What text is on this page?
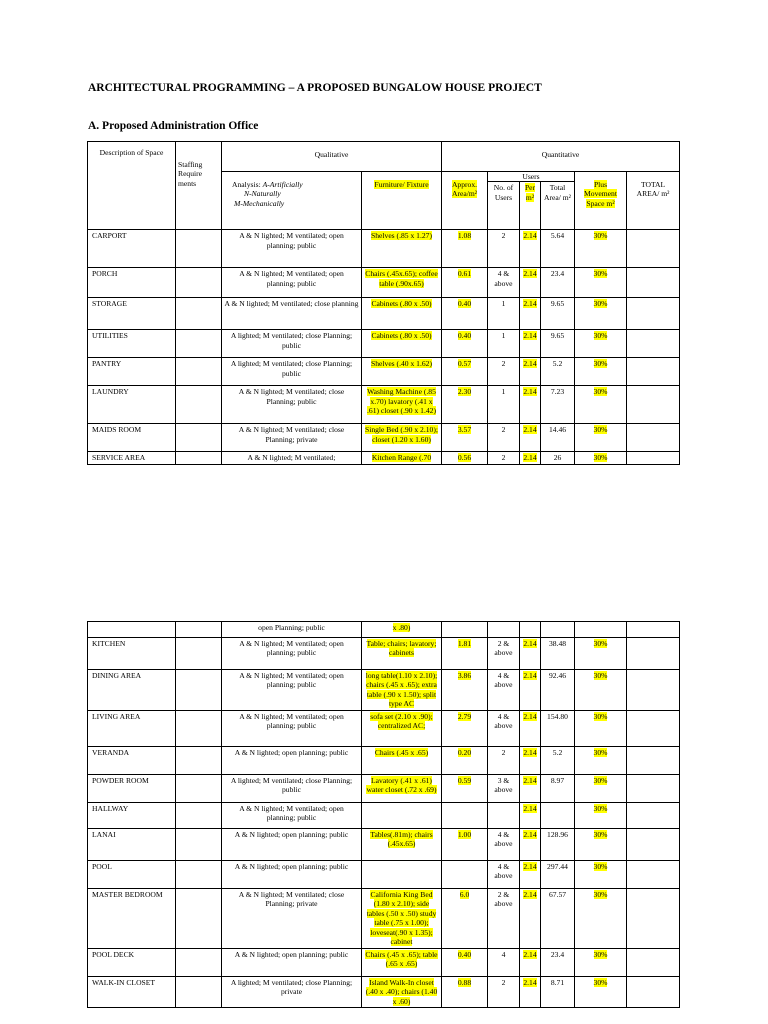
ARCHITECTURAL PROGRAMMING – A PROPOSED BUNGALOW HOUSE PROJECT
A. Proposed Administration Office
Description of Space	Staffing Require ments	Qualitative		Quantitative					

		Analysis: A-Artificially
N-Naturally
M-Mechanically	Furniture/ Fixture	Approx. Area/m²	Users			Plus Movement Space m²	TOTAL AREA/ m²
					No. of Users	Per m²	Total Area/ m²		
CARPORT		A & N lighted; M ventilated; open planning; public	Shelves (.85 x 1.27)	1.08	2	2.14	5.64	30%	
PORCH		A & N lighted; M ventilated; open planning; public	Chairs (.45x.65); coffee table (.90x.65)	0.61	4 & above	2.14	23.4	30%	
STORAGE		A & N lighted; M ventilated; close planning	Cabinets (.80 x .50)	0.40	1	2.14	9.65	30%	
UTILITIES		A lighted; M ventilated; close Planning; public	Cabinets (.80 x .50)	0.40	1	2.14	9.65	30%	
PANTRY		A lighted; M ventilated; close Planning; public	Shelves (.40 x 1.62)	0.57	2	2.14	5.2	30%	
LAUNDRY		A & N lighted; M ventilated; close Planning; public	Washing Machine (.85 x.70) lavatory (.41 x .61) closet (.90 x 1.42)	2.30	1	2.14	7.23	30%	
MAIDS ROOM		A & N lighted; M ventilated; close Planning; private	Single Bed (.90 x 2.10); closet (1.20 x 1.60)	3.57	2	2.14	14.46	30%	
SERVICE AREA		A & N lighted; M ventilated;	Kitchen Range (.70	0.56	2	2.14	26	30%	
		open Planning; public	x .80)						
KITCHEN		A & N lighted; M ventilated; open planning; public	Table; chairs; lavatory; cabinets	1.81	2 & above	2.14	38.48	30%	
DINING AREA		A & N lighted; M ventilated; open planning; public	long table(1.10 x 2.10); chairs (.45 x .65); extra table (.90 x 1.50); split type AC	3.86	4 & above	2.14	92.46	30%	
LIVING AREA		A & N lighted; M ventilated; open planning; public	sofa set (2.10 x .90); centralized AC;	2.79	4 & above	2.14	154.80	30%	
VERANDA		A & N lighted; open planning; public	Chairs (.45 x .65)	0.20	2	2.14	5.2	30%	
POWDER ROOM		A lighted; M ventilated; close Planning; public	Lavatory (.41 x .61) water closet (.72 x .69)	0.59	3 & above	2.14	8.97	30%	
HALLWAY		A & N lighted; M ventilated; open planning; public				2.14		30%	
LANAI		A & N lighted; open planning; public	Tables(.81m); chairs (.45x.65)	1.00	4 & above	2.14	128.96	30%	
POOL		A & N lighted; open planning; public			4 & above	2.14	297.44	30%	
MASTER BEDROOM		A & N lighted; M ventilated; close Planning; private	California King Bed (1.80 x 2.10); side tables (.50 x .50) study table (.75 x 1.00); loveseat(.90 x 1.35); cabinet	6.0	2 & above	2.14	67.57	30%	
POOL DECK		A & N lighted; open planning; public	Chairs (.45 x .65); table (.65 x .65)	0.40	4	2.14	23.4	30%	
WALK-IN CLOSET		A lighted; M ventilated; close Planning; private	Island Walk-In closet (.40 x .40); chairs (1.40 x .60)	0.88	2	2.14	8.71	30%	
